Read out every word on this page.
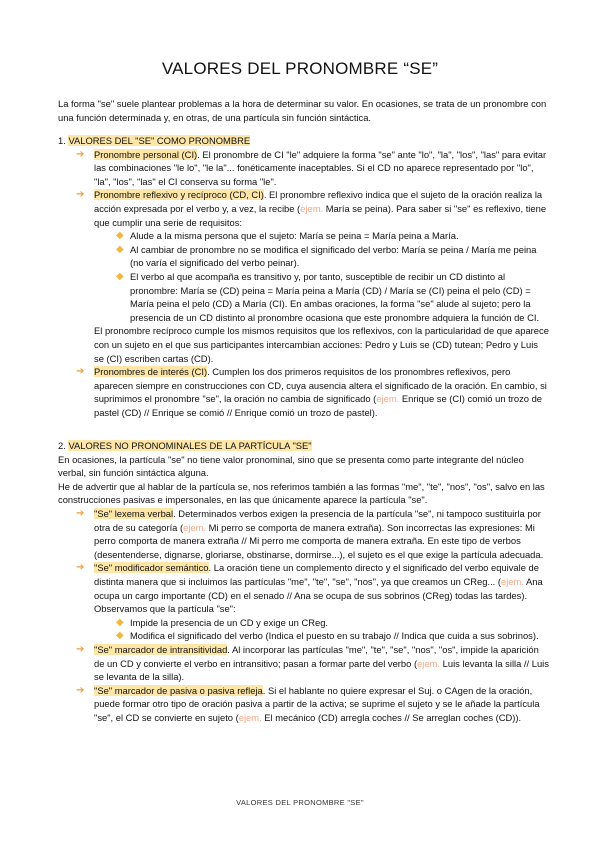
VALORES DEL PRONOMBRE “SE”

La forma "se" suele plantear problemas a la hora de determinar su valor. En ocasiones, se trata de un pronombre con una función determinada y, en otras, de una partícula sin función sintáctica.

1. VALORES DEL "SE" COMO PRONOMBRE

➔ Pronombre personal (CI). El pronombre de CI "le" adquiere la forma "se" ante "lo", "la", "los", "las" para evitar las combinaciones "le lo", "le la"... fonéticamente inaceptables. Si el CD no aparece representado por "lo", "la", "los", "las" el CI conserva su forma "le".
➔ Pronombre reflexivo y recíproco (CD, CI). El pronombre reflexivo indica que el sujeto de la oración realiza la acción expresada por el verbo y, a vez, la recibe (ejem. María se peina). Para saber si "se" es reflexivo, tiene que cumplir una serie de requisitos:
◆ Alude a la misma persona que el sujeto: María se peina = María peina a María.
◆ Al cambiar de pronombre no se modifica el significado del verbo: María se peina / María me peina (no varía el significado del verbo peinar).
◆ El verbo al que acompaña es transitivo y, por tanto, susceptible de recibir un CD distinto al pronombre: María se (CD) peina = María peina a María (CD) / María se (CI) peina el pelo (CD) = María peina el pelo (CD) a María (CI). En ambas oraciones, la forma "se" alude al sujeto; pero la presencia de un CD distinto al pronombre ocasiona que este pronombre adquiera la función de CI.

El pronombre recíproco cumple los mismos requisitos que los reflexivos, con la particularidad de que aparece con un sujeto en el que sus participantes intercambian acciones: Pedro y Luis se (CD) tutean; Pedro y Luis se (CI) escriben cartas (CD).

➔ Pronombres de interés (CI). Cumplen los dos primeros requisitos de los pronombres reflexivos, pero aparecen siempre en construcciones con CD, cuya ausencia altera el significado de la oración. En cambio, si suprimimos el pronombre "se", la oración no cambia de significado (ejem. Enrique se (CI) comió un trozo de pastel (CD) // Enrique se comió // Enrique comió un trozo de pastel).

2. VALORES NO PRONOMINALES DE LA PARTÍCULA "SE"

En ocasiones, la partícula "se" no tiene valor pronominal, sino que se presenta como parte integrante del núcleo verbal, sin función sintáctica alguna.

He de advertir que al hablar de la partícula se, nos referimos también a las formas "me", "te", "nos", "os", salvo en las construcciones pasivas e impersonales, en las que únicamente aparece la partícula "se".

➔ "Se" lexema verbal. Determinados verbos exigen la presencia de la partícula "se", ni tampoco sustituirla por otra de su categoría (ejem. Mi perro se comporta de manera extraña). Son incorrectas las expresiones: Mi perro comporta de manera extraña // Mi perro me comporta de manera extraña. En este tipo de verbos (desentenderse, dignarse, gloriarse, obstinarse, dormirse...), el sujeto es el que exige la partícula adecuada.
➔ "Se" modificador semántico. La oración tiene un complemento directo y el significado del verbo equivale de distinta manera que si incluimos las partículas "me", "te", "se", "nos", ya que creamos un CReg... (ejem. Ana ocupa un cargo importante (CD) en el senado // Ana se ocupa de sus sobrinos (CReg) todas las tardes). Observamos que la partícula "se":
◆ Impide la presencia de un CD y exige un CReg.
◆ Modifica el significado del verbo (Indica el puesto en su trabajo // Indica que cuida a sus sobrinos).
➔ "Se" marcador de intransitividad. Al incorporar las partículas "me", "te", "se", "nos", "os", impide la aparición de un CD y convierte el verbo en intransitivo; pasan a formar parte del verbo (ejem. Luis levanta la silla // Luis se levanta de la silla).
➔ "Se" marcador de pasiva o pasiva refleja. Si el hablante no quiere expresar el Suj. o CAgen de la oración, puede formar otro tipo de oración pasiva a partir de la activa; se suprime el sujeto y se le añade la partícula "se", el CD se convierte en sujeto (ejem. El mecánico (CD) arregla coches // Se arreglan coches (CD)).
VALORES DEL PRONOMBRE "SE"
